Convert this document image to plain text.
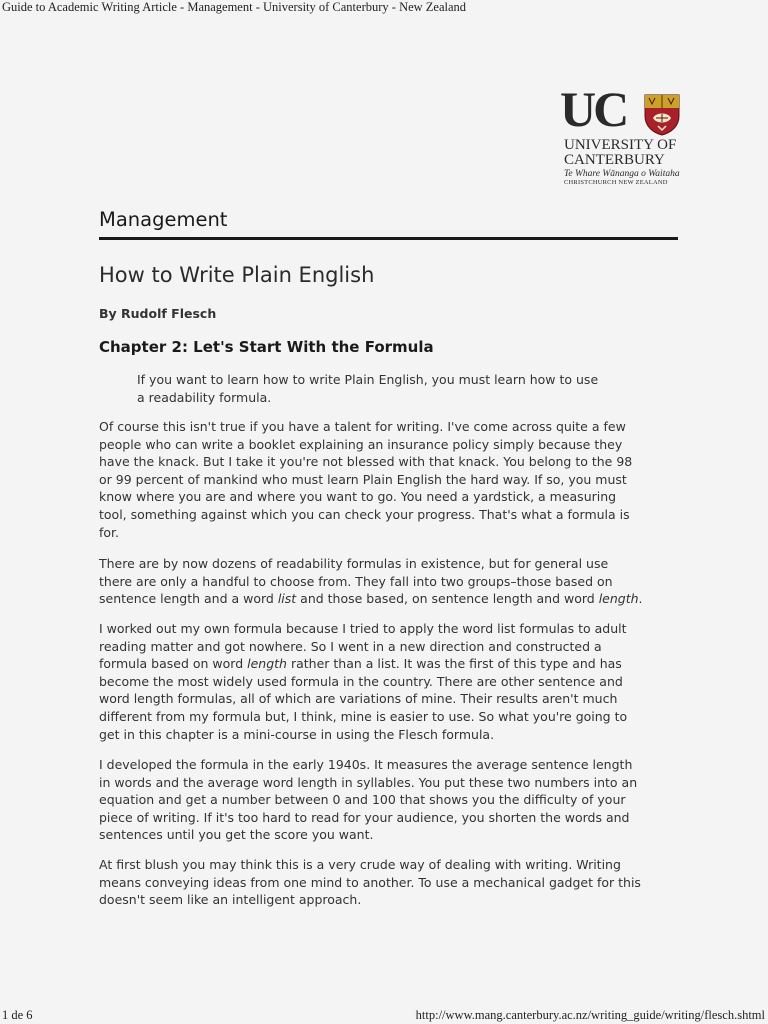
Guide to Academic Writing Article - Management - University of Canterbury - New Zealand
UC
UNIVERSITY OF
CANTERBURY
Te Whare Wānanga o Waitaha
CHRISTCHURCH NEW ZEALAND
Management
How to Write Plain English
By Rudolf Flesch
Chapter 2: Let's Start With the Formula
If you want to learn how to write Plain English, you must learn how to use
a readability formula.
Of course this isn't true if you have a talent for writing. I've come across quite a few
people who can write a booklet explaining an insurance policy simply because they
have the knack. But I take it you're not blessed with that knack. You belong to the 98
or 99 percent of mankind who must learn Plain English the hard way. If so, you must
know where you are and where you want to go. You need a yardstick, a measuring
tool, something against which you can check your progress. That's what a formula is
for.
There are by now dozens of readability formulas in existence, but for general use
there are only a handful to choose from. They fall into two groups–those based on
sentence length and a word list and those based, on sentence length and word length.
I worked out my own formula because I tried to apply the word list formulas to adult
reading matter and got nowhere. So I went in a new direction and constructed a
formula based on word length rather than a list. It was the first of this type and has
become the most widely used formula in the country. There are other sentence and
word length formulas, all of which are variations of mine. Their results aren't much
different from my formula but, I think, mine is easier to use. So what you're going to
get in this chapter is a mini-course in using the Flesch formula.
I developed the formula in the early 1940s. It measures the average sentence length
in words and the average word length in syllables. You put these two numbers into an
equation and get a number between 0 and 100 that shows you the difficulty of your
piece of writing. If it's too hard to read for your audience, you shorten the words and
sentences until you get the score you want.
At first blush you may think this is a very crude way of dealing with writing. Writing
means conveying ideas from one mind to another. To use a mechanical gadget for this
doesn't seem like an intelligent approach.
1 de 6	http://www.mang.canterbury.ac.nz/writing_guide/writing/flesch.shtml
